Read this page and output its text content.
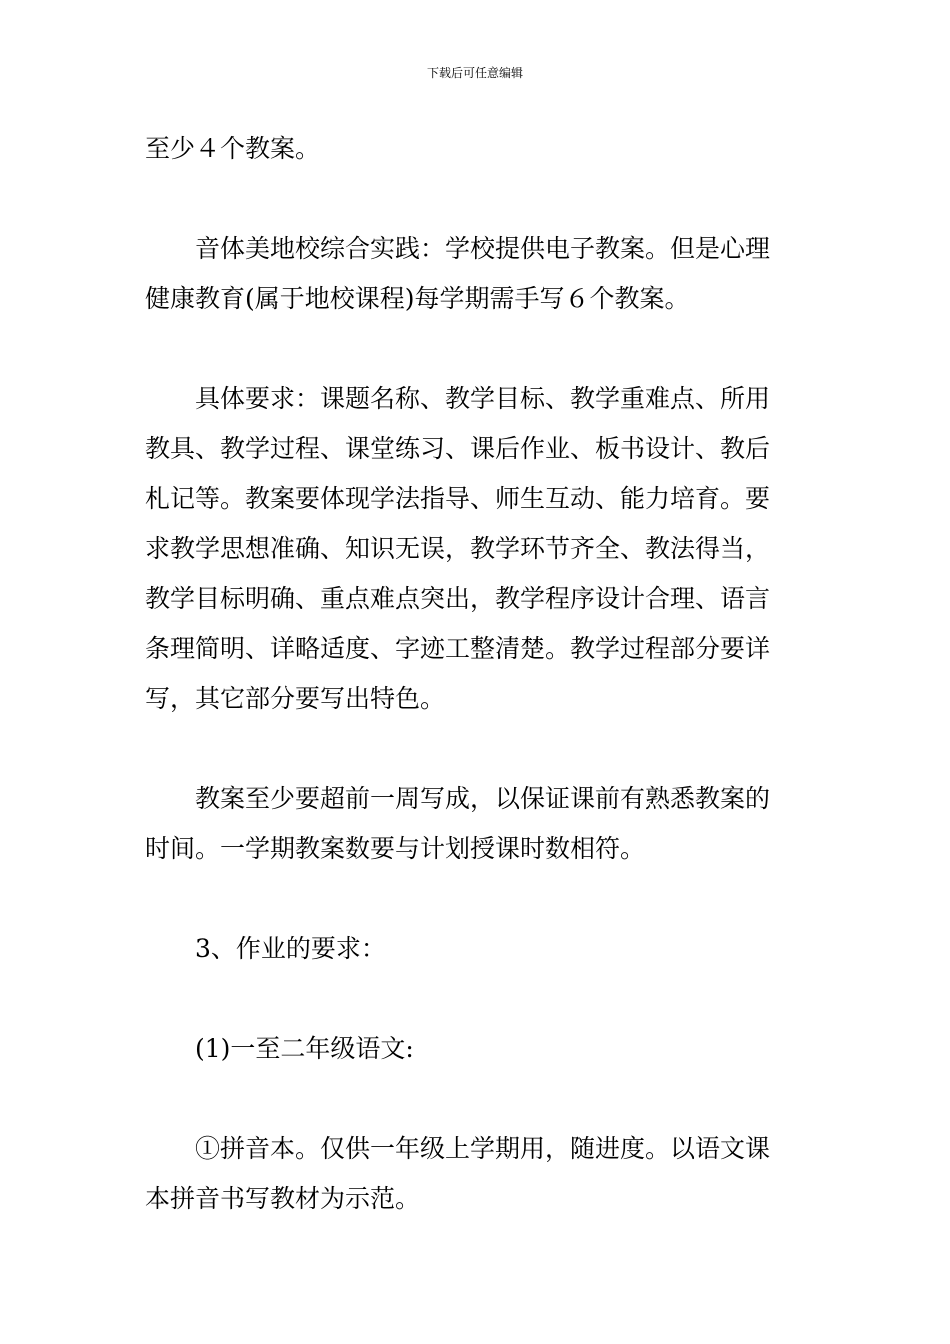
下载后可任意编辑
至少４个教案。
音体美地校综合实践：学校提供电子教案。但是心理
健康教育(属于地校课程)每学期需手写６个教案。
具体要求：课题名称、教学目标、教学重难点、所用
教具、教学过程、课堂练习、课后作业、板书设计、教后
札记等。教案要体现学法指导、师生互动、能力培育。要
求教学思想准确、知识无误，教学环节齐全、教法得当，
教学目标明确、重点难点突出，教学程序设计合理、语言
条理简明、详略适度、字迹工整清楚。教学过程部分要详
写，其它部分要写出特色。
教案至少要超前一周写成，以保证课前有熟悉教案的
时间。一学期教案数要与计划授课时数相符。
3、作业的要求：
(1)一至二年级语文:
①拼音本。仅供一年级上学期用，随进度。以语文课
本拼音书写教材为示范。
